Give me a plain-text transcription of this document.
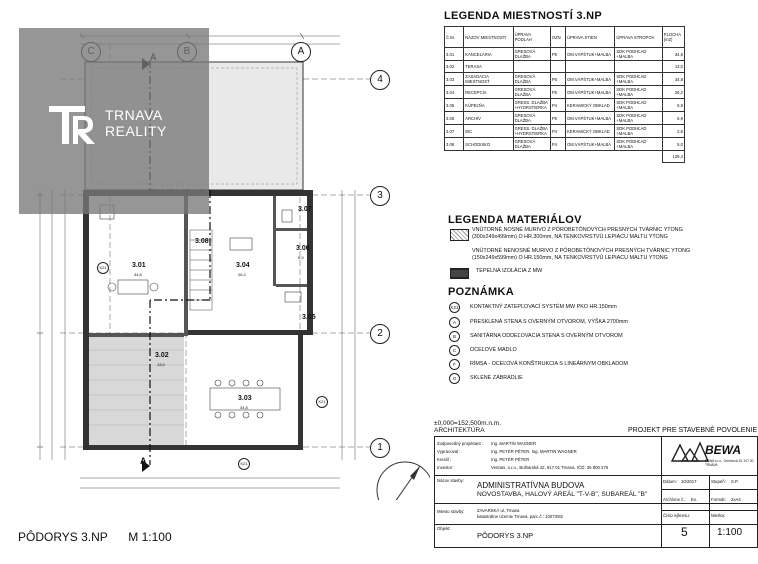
A
4
3
2
1
A
3.01
34,8
3.02
13,0
3.03
34,8
3.04
26,2
3.05
3.06
6,9
3.07
3.08
K21
K21
K21
TRNAVA
REALITY
PÔDORYS 3.NP M 1:100
LEGENDA MIESTNOSTÍ 3.NP
Č.M.	NÁZOV MIESTNOSTI	ÚPRAVA PODLAH	OZN	ÚPRAVA STIEN	ÚPRAVA STROPOV	PLOCHA (m2)
3.01	KANCELÁRIA	GRESOVÁ DLAŽBA	P5	OM.VÁPŠTUK+MALBA	SDK PODHĽAD +MALBA	34,8
3.02	TERASA					13,0
3.03	ZASADACIA MIESTNOSŤ	GRESOVÁ DLAŽBA	P5	OM.VÁPŠTUK+MALBA	SDK PODHĽAD +MALBA	34,8
3.04	RECEPCIA	GRESOVÁ DLAŽBA	P5	OM.VÁPŠTUK+MALBA	SDK PODHĽAD +MALBA	26,2
3.05	KÚPEĽŇA	GRESS. DLAŽBA +HYDRSTIERKA	P4	KERAMICKÝ OBKLAD	SDK PODHĽAD +MALBA	5,9
3.06	ARCHÍV	GRESOVÁ DLAŽBA	P5	OM.VÁPŠTUK+MALBA	SDK PODHĽAD +MALBA	6,9
3.07	WC	GRESS. DLAŽBA +HYDRSTIERKA	P4	KERAMICKÝ OBKLAD	SDK PODHĽAD +MALBA	2,8
3.08	SCHODISKO	GRESOVÁ DLAŽBA	P4	OM.VÁPŠTUK+MALBA	SDK PODHĽAD +MALBA	5,0
						129,4
LEGENDA MATERIÁLOV
VNÚTORNÉ NOSNÉ MURIVO Z PÓROBETÓNOVÝCH PRESNÝCH TVÁRNIC YTONG
(300x249x499mm) O HR.300mm, NA TENKOVRSTVÚ LEPIACU MALTU YTONG
VNÚTORNÉ NENOSNÉ MURIVO Z PÓROBETÓNOVÝCH PRESNÝCH TVÁRNIC YTONG
(150x249x599mm) O HR.150mm, NA TENKOVRSTVÚ LEPIACU MALTU YTONG
TEPELNÁ IZOLÁCIA Z MW
POZNÁMKA
K21 KONTAKTNÝ ZATEPĽOVACÍ SYSTÉM MW PKO HR.150mm
A	PRESKLENÁ STENA S OVERNÝM OTVOROM, VÝŠKA 2700mm
B	SANITÁRNA ODDEĽOVACIA STENA S OVERNÝM OTVOROM
C	OCEĽOVÉ MADLO
F	RÍMSA - OCEĽOVÁ KONŠTRUKCIA S LINEÁRNYM OBKLADOM
G	SKLENÉ ZÁBRADLIE
±0,000=152,500m.n.m.
ARCHITEKTÚRA	PROJEKT PRE STAVEBNÉ POVOLENIE
Zodpovedný projektant : Ing. MARTIN WAGNER
Vypracoval :	Ing. PETER PÉTER, Ing. MARTIN WAGNER
Kreslil :	Ing. PETER PÉTER
Investor :	Ventani, s.r.o., Bulharská 42, 917 01 Trnava, IČO: 36 800 275
BEWA
BEWA s.r.o., Orechová 15, 917 00 TRNAVA
Názov stavby:
ADMINISTRATÍVNA BUDOVA
NOVOSTAVBA, HALOVÝ AREÁL "T-V-B", SUBAREÁL "B"
Miesto stavby:	ZAVARSKÁ ul.,Trnava
katastrálne územie Trnava, parc.č.: 10073/82
Objekt:
PÔDORYS 3.NP
Dátum: 10/2017	Stupeň: S.P.
Archívne č.: Ex.	Formát: 2xA4
Číslo výkresu:
5
Mierka:
1:100
